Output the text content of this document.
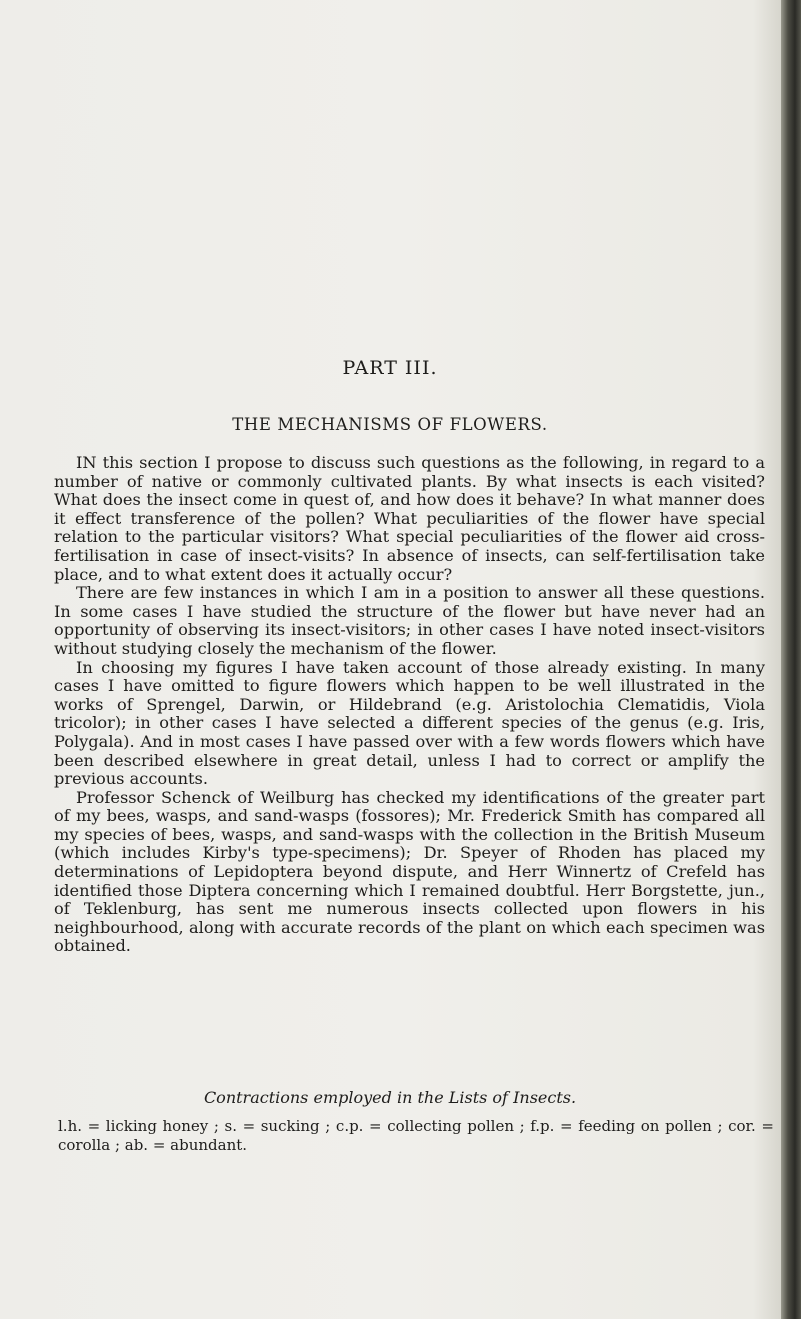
PART III.
THE MECHANISMS OF FLOWERS.

IN this section I propose to discuss such questions as the following, in regard to a number of native or commonly cultivated plants. By what insects is each visited? What does the insect come in quest of, and how does it behave? In what manner does it effect transference of the pollen? What peculiarities of the flower have special relation to the particular visitors? What special peculiarities of the flower aid cross-fertilisation in case of insect-visits? In absence of insects, can self-fertilisation take place, and to what extent does it actually occur?

There are few instances in which I am in a position to answer all these questions. In some cases I have studied the structure of the flower but have never had an opportunity of observing its insect-visitors; in other cases I have noted insect-visitors without studying closely the mechanism of the flower.

In choosing my figures I have taken account of those already existing. In many cases I have omitted to figure flowers which happen to be well illustrated in the works of Sprengel, Darwin, or Hildebrand (e.g. Aristolochia Clematidis, Viola tricolor); in other cases I have selected a different species of the genus (e.g. Iris, Polygala). And in most cases I have passed over with a few words flowers which have been described elsewhere in great detail, unless I had to correct or amplify the previous accounts.

Professor Schenck of Weilburg has checked my identifications of the greater part of my bees, wasps, and sand-wasps (fossores); Mr. Frederick Smith has compared all my species of bees, wasps, and sand-wasps with the collection in the British Museum (which includes Kirby's type-specimens); Dr. Speyer of Rhoden has placed my determinations of Lepidoptera beyond dispute, and Herr Winnertz of Crefeld has identified those Diptera concerning which I remained doubtful. Herr Borgstette, jun., of Teklenburg, has sent me numerous insects collected upon flowers in his neighbourhood, along with accurate records of the plant on which each specimen was obtained.

Contractions employed in the Lists of Insects.
l.h. = licking honey ; s. = sucking ; c.p. = collecting pollen ; f.p. = feeding on pollen ; cor. = corolla ; ab. = abundant.
